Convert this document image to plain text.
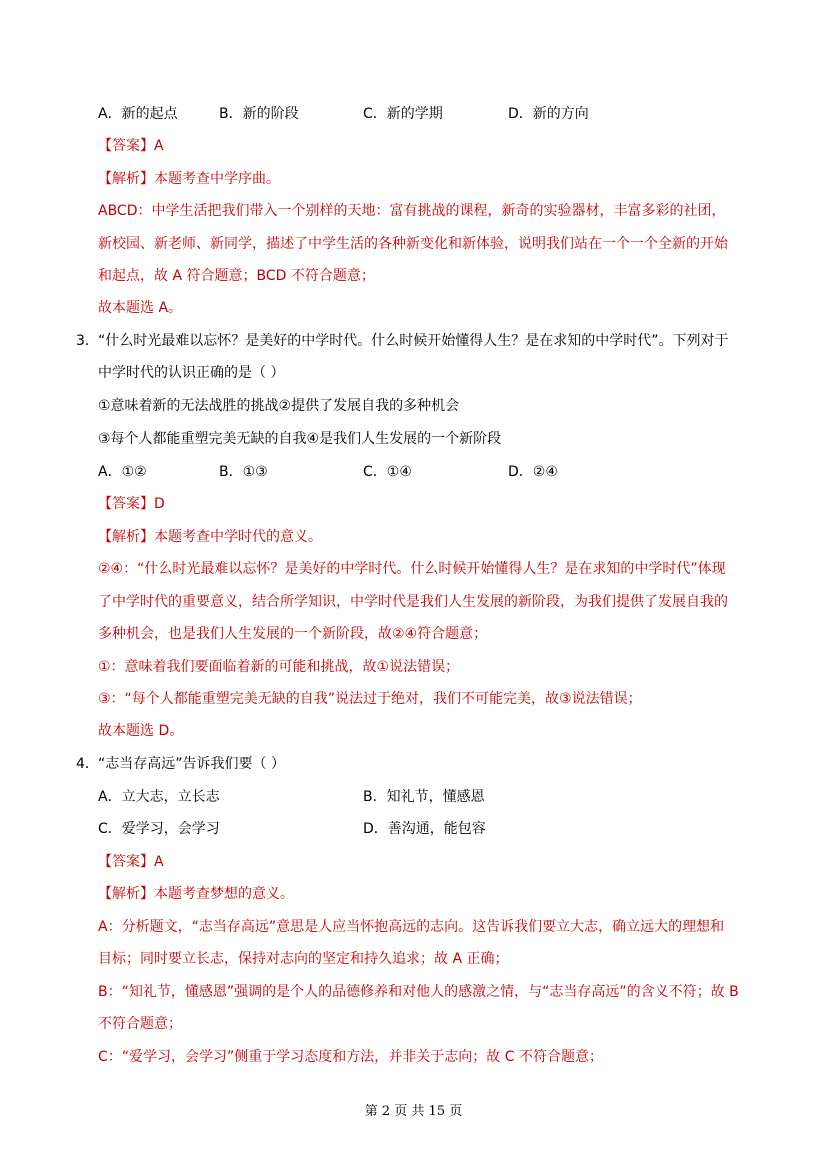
A．新的起点	B．新的阶段	C．新的学期	D．新的方向
【答案】A
【解析】本题考查中学序曲。
ABCD：中学生活把我们带入一个别样的天地：富有挑战的课程，新奇的实验器材，丰富多彩的社团，
新校园、新老师、新同学，描述了中学生活的各种新变化和新体验，说明我们站在一个一个全新的开始
和起点，故 A 符合题意；BCD 不符合题意；
故本题选 A。
3． “什么时光最难以忘怀？是美好的中学时代。什么时候开始懂得人生？是在求知的中学时代”。下列对于
中学时代的认识正确的是（ ）
①意味着新的无法战胜的挑战②提供了发展自我的多种机会
③每个人都能重塑完美无缺的自我④是我们人生发展的一个新阶段
A．①②	B．①③	C．①④	D．②④
【答案】D
【解析】本题考查中学时代的意义。
②④：“什么时光最难以忘怀？是美好的中学时代。什么时候开始懂得人生？是在求知的中学时代”体现
了中学时代的重要意义，结合所学知识，中学时代是我们人生发展的新阶段，为我们提供了发展自我的
多种机会，也是我们人生发展的一个新阶段，故②④符合题意；
①：意味着我们要面临着新的可能和挑战，故①说法错误；
③：“每个人都能重塑完美无缺的自我”说法过于绝对，我们不可能完美，故③说法错误；
故本题选 D。
4． “志当存高远”告诉我们要（ ）
A．立大志，立长志	B．知礼节，懂感恩
C．爱学习，会学习	D．善沟通，能包容
【答案】A
【解析】本题考查梦想的意义。
A：分析题文，“志当存高远”意思是人应当怀抱高远的志向。这告诉我们要立大志，确立远大的理想和
目标；同时要立长志，保持对志向的坚定和持久追求；故 A 正确；
B：“知礼节，懂感恩”强调的是个人的品德修养和对他人的感激之情，与“志当存高远”的含义不符；故 B
不符合题意；
C：“爱学习，会学习”侧重于学习态度和方法，并非关于志向；故 C 不符合题意；
第 2 页 共 15 页
